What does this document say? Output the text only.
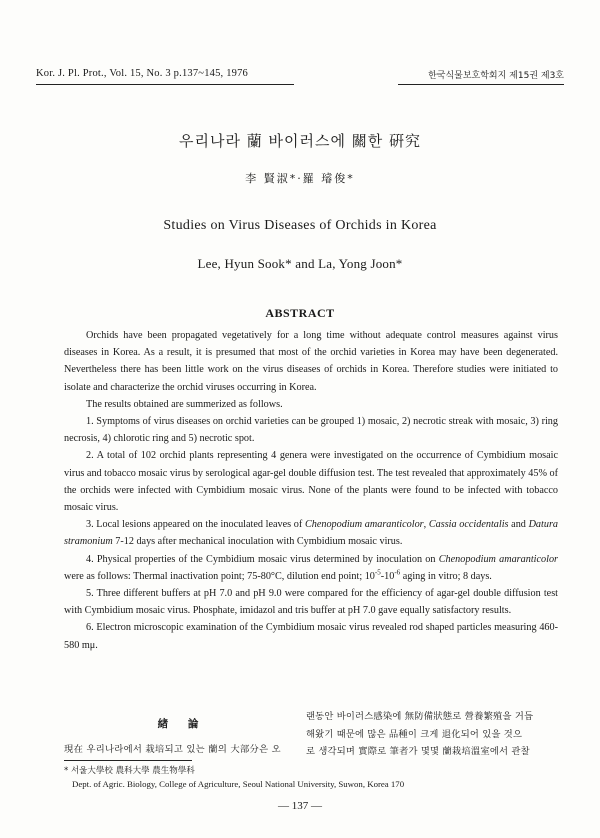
Kor. J. Pl. Prot., Vol. 15, No. 3 p.137~145, 1976	한국식물보호학회지 제15권 제3호
우리나라 蘭 바이러스에 關한 硏究
李 賢淑*·羅 璿俊*
Studies on Virus Diseases of Orchids in Korea
Lee, Hyun Sook* and La, Yong Joon*
ABSTRACT

Orchids have been propagated vegetatively for a long time without adequate control measures against virus diseases in Korea. As a result, it is presumed that most of the orchid varieties in Korea may have been degenerated. Nevertheless there has been little work on the virus diseases of orchids in Korea. Therefore studies were initiated to isolate and characterize the orchid viruses occurring in Korea.

The results obtained are summerized as follows.

1. Symptoms of virus diseases on orchid varieties can be grouped 1) mosaic, 2) necrotic streak with mosaic, 3) ring necrosis, 4) chlorotic ring and 5) necrotic spot.

2. A total of 102 orchid plants representing 4 genera were investigated on the occurrence of Cymbidium mosaic virus and tobacco mosaic virus by serological agar-gel double diffusion test. The test revealed that approximately 45% of the orchids were infected with Cymbidium mosaic virus. None of the plants were found to be infected with tobacco mosaic virus.

3. Local lesions appeared on the inoculated leaves of Chenopodium amaranticolor, Cassia occidentalis and Datura stramonium 7-12 days after mechanical inoculation with Cymbidium mosaic virus.

4. Physical properties of the Cymbidium mosaic virus determined by inoculation on Chenopodium amaranticolor were as follows: Thermal inactivation point; 75-80°C, dilution end point; $10^{-5}-10^{-6}$ aging in vitro; 8 days.

5. Three different buffers at pH 7.0 and pH 9.0 were compared for the efficiency of agar-gel double diffusion test with Cymbidium mosaic virus. Phosphate, imidazol and tris buffer at pH 7.0 gave equally satisfactory results.

6. Electron microscopic examination of the Cymbidium mosaic virus revealed rod shaped particles measuring 460-580 mμ.

緖 論
現在 우리나라에서 栽培되고 있는 蘭의 大部分은 오

랜동안 바이러스感染에 無防備狀態로 營養繁殖을 거듭

해왔기 때문에 많은 品種이 크게 退化되어 있을 것으

로 생각되며 實際로 筆者가 몇몇 蘭栽培溫室에서 관찰

* 서울大學校 農科大學 農生物學科
Dept. of Agric. Biology, College of Agriculture, Seoul National University, Suwon, Korea 170
— 137 —
